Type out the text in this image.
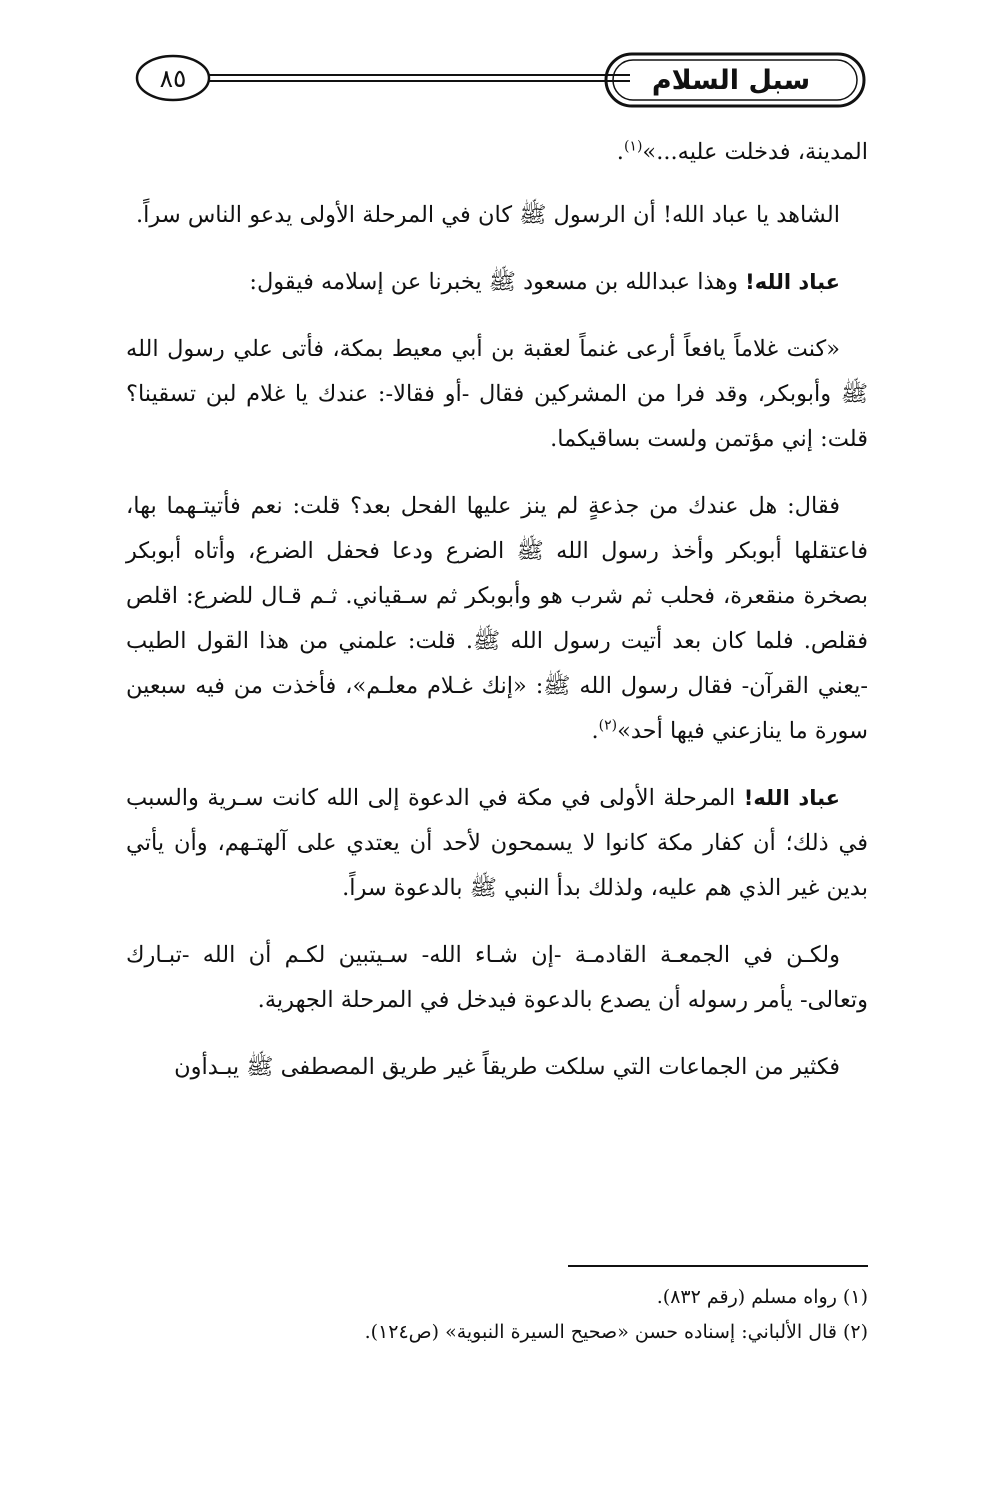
سبل السلام
٨٥

المدينة، فدخلت عليه...»$^{(١)}$.

الشاهد يا عباد الله! أن الرسول ﷺ كان في المرحلة الأولى يدعو الناس سراً.

عباد الله! وهذا عبدالله بن مسعود ﷺ يخبرنا عن إسلامه فيقول:

«كنت غلاماً يافعاً أرعى غنماً لعقبة بن أبي معيط بمكة، فأتى علي رسول الله ﷺ وأبوبكر، وقد فرا من المشركين فقال -أو فقالا-: عندك يا غلام لبن تسقينا؟ قلت: إني مؤتمن ولست بساقيكما.

فقال: هل عندك من جذعةٍ لم ينز عليها الفحل بعد؟ قلت: نعم فأتيتـهما بها، فاعتقلها أبوبكر وأخذ رسول الله ﷺ الضرع ودعا فحفل الضرع، وأتاه أبوبكر بصخرة منقعرة، فحلب ثم شرب هو وأبوبكر ثم سـقياني. ثـم قـال للضرع: اقلص فقلص. فلما كان بعد أتيت رسول الله ﷺ. قلت: علمني من هذا القول الطيب -يعني القرآن- فقال رسول الله ﷺ: «إنك غـلام معلـم»، فأخذت من فيه سبعين سورة ما ينازعني فيها أحد»$^{(٢)}$.

عباد الله! المرحلة الأولى في مكة في الدعوة إلى الله كانت سـرية والسبب في ذلك؛ أن كفار مكة كانوا لا يسمحون لأحد أن يعتدي على آلهتـهم، وأن يأتي بدين غير الذي هم عليه، ولذلك بدأ النبي ﷺ بالدعوة سراً.

ولكـن في الجمعـة القادمـة -إن شـاء الله- سـيتبين لكـم أن الله -تبـارك وتعالى- يأمر رسوله أن يصدع بالدعوة فيدخل في المرحلة الجهرية.

فكثير من الجماعات التي سلكت طريقاً غير طريق المصطفى ﷺ يبـدأون

(١) رواه مسلم (رقم ٨٣٢).
(٢) قال الألباني: إسناده حسن «صحيح السيرة النبوية» (ص١٢٤).
